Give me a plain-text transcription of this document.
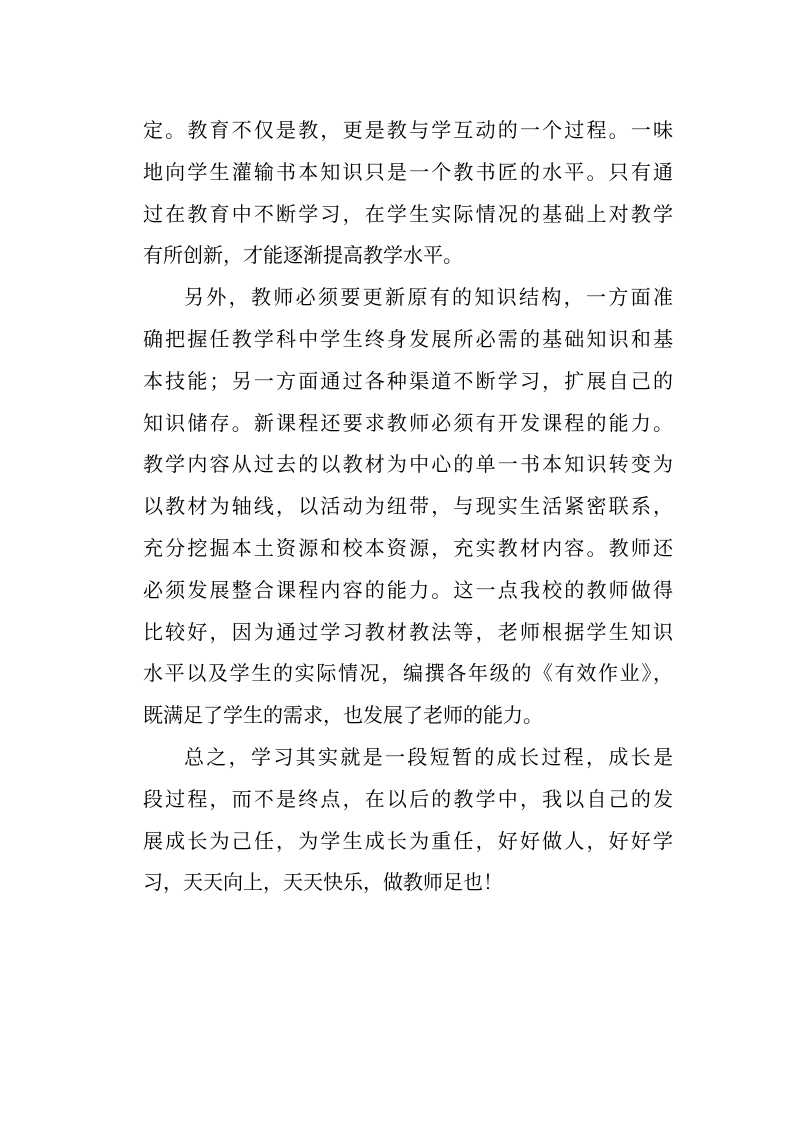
定。教育不仅是教，更是教与学互动的一个过程。一味
地向学生灌输书本知识只是一个教书匠的水平。只有通
过在教育中不断学习，在学生实际情况的基础上对教学
有所创新，才能逐渐提高教学水平。
另外，教师必须要更新原有的知识结构，一方面准
确把握任教学科中学生终身发展所必需的基础知识和基
本技能；另一方面通过各种渠道不断学习，扩展自己的
知识储存。新课程还要求教师必须有开发课程的能力。
教学内容从过去的以教材为中心的单一书本知识转变为
以教材为轴线，以活动为纽带，与现实生活紧密联系，
充分挖掘本土资源和校本资源，充实教材内容。教师还
必须发展整合课程内容的能力。这一点我校的教师做得
比较好，因为通过学习教材教法等，老师根据学生知识
水平以及学生的实际情况，编撰各年级的《有效作业》，
既满足了学生的需求，也发展了老师的能力。
总之，学习其实就是一段短暂的成长过程，成长是
段过程，而不是终点，在以后的教学中，我以自己的发
展成长为己任，为学生成长为重任，好好做人，好好学
习，天天向上，天天快乐，做教师足也！
